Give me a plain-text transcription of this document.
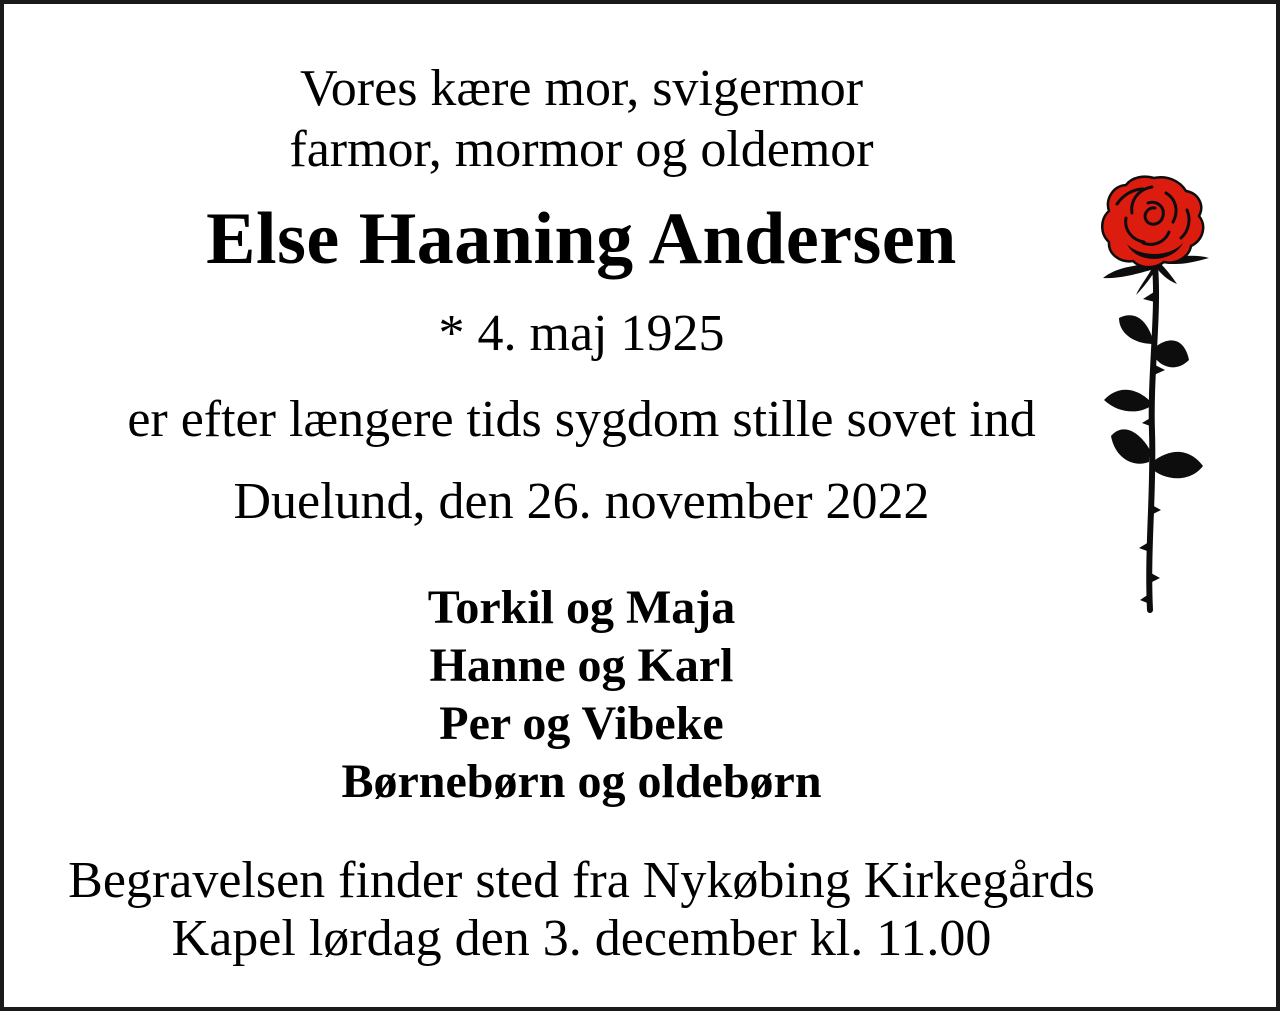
Vores kære mor, svigermor

farmor, mormor og oldemor

Else Haaning Andersen

* 4. maj 1925

er efter længere tids sygdom stille sovet ind

Duelund, den 26. november 2022

Torkil og Maja

Hanne og Karl

Per og Vibeke

Børnebørn og oldebørn

Begravelsen finder sted fra Nykøbing Kirkegårds

Kapel lørdag den 3. december kl. 11.00
